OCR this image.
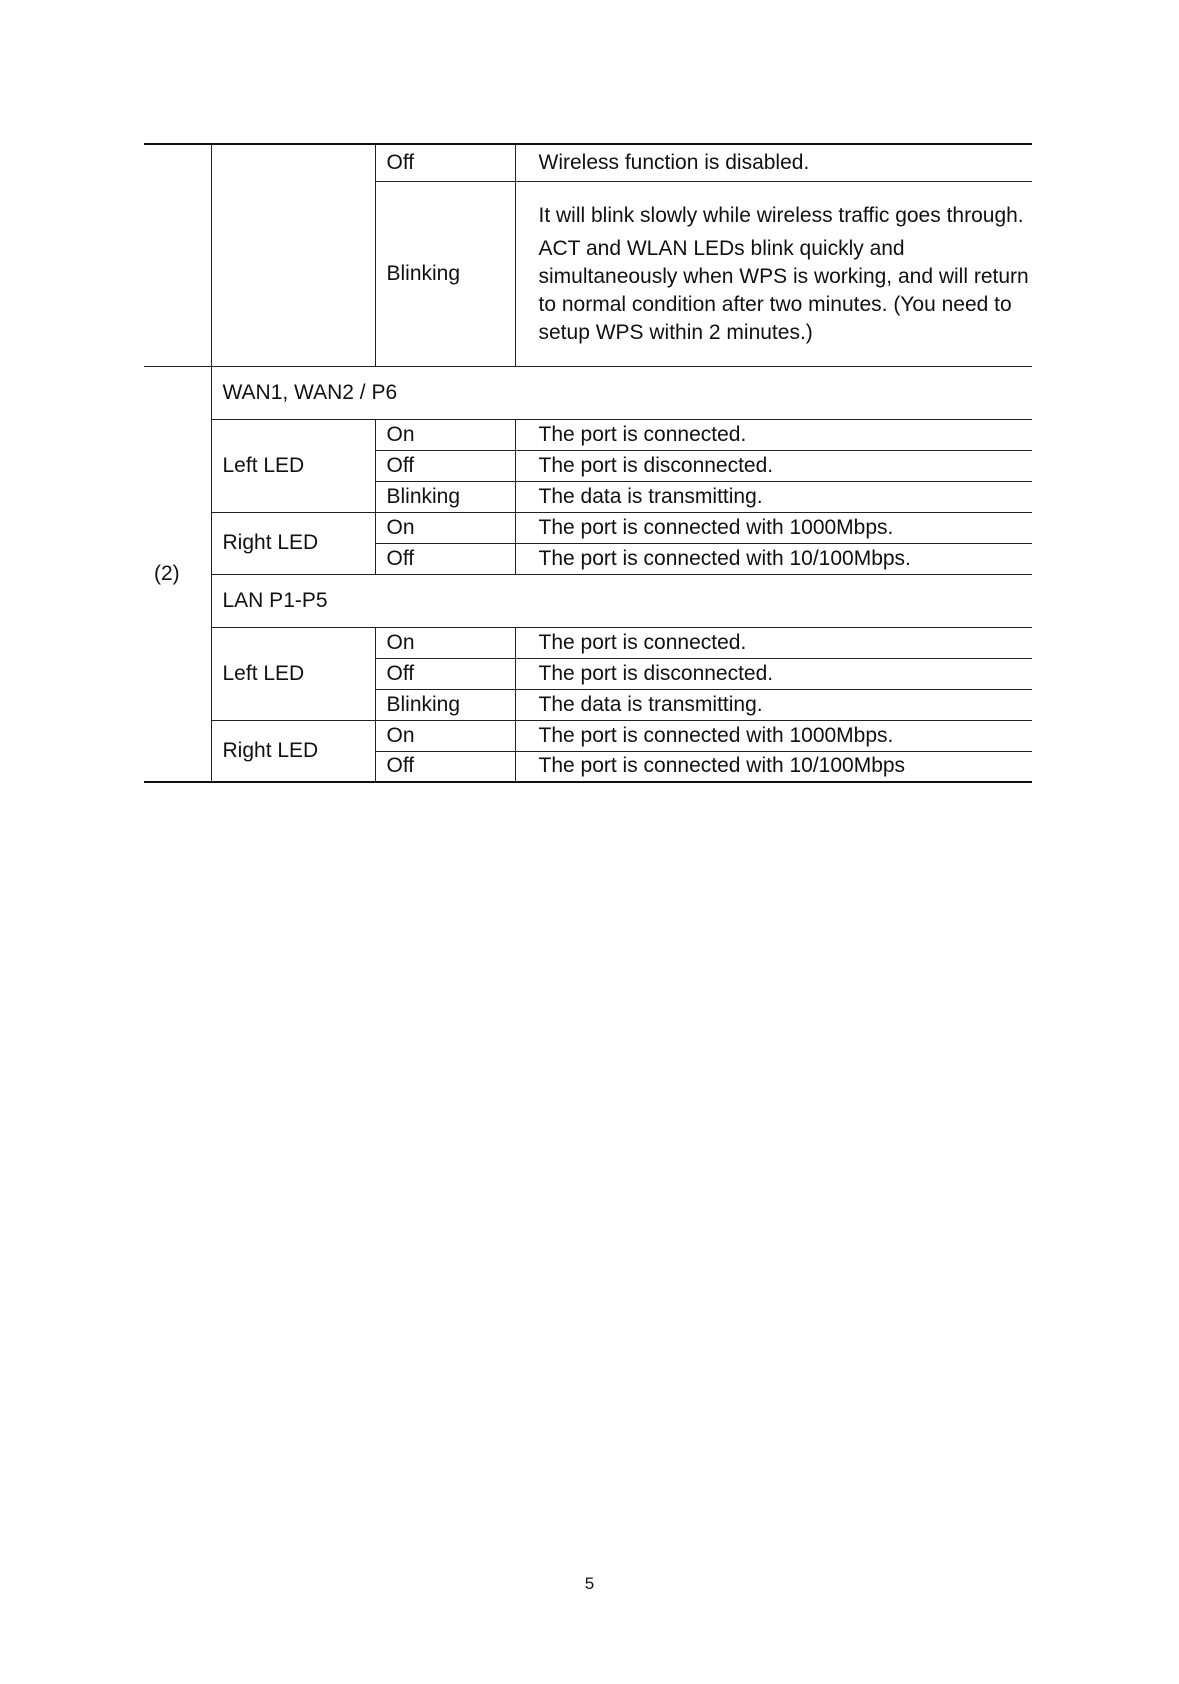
		Off	Wireless function is disabled.
		Blinking	It will blink slowly while wireless traffic goes through.
ACT and WLAN LEDs blink quickly and simultaneously when WPS is working, and will return to normal condition after two minutes. (You need to setup WPS within 2 minutes.)

(2)	WAN1, WAN2 / P6		
	Left LED	On	The port is connected.
		Off	The port is disconnected.
		Blinking	The data is transmitting.
	Right LED	On	The port is connected with 1000Mbps.
		Off	The port is connected with 10/100Mbps.
	LAN P1-P5		
	Left LED	On	The port is connected.
		Off	The port is disconnected.
		Blinking	The data is transmitting.
	Right LED	On	The port is connected with 1000Mbps.
		Off	The port is connected with 10/100Mbps
5
